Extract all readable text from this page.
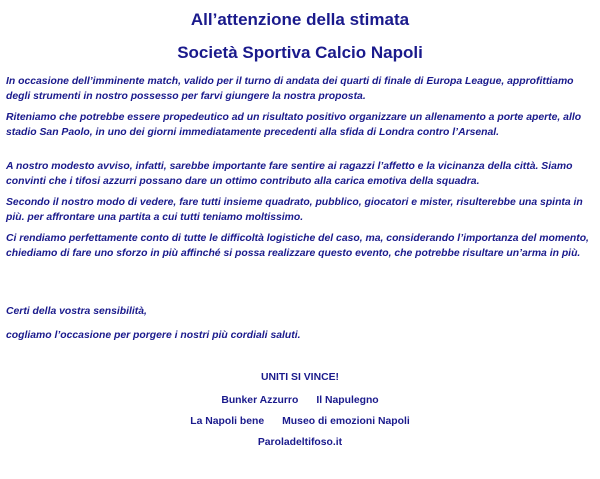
All’attenzione della stimata
Società Sportiva Calcio Napoli

In occasione dell’imminente match, valido per il turno di andata dei quarti di finale di Europa League, approfittiamo degli strumenti in nostro possesso per farvi giungere la nostra proposta.

Riteniamo che potrebbe essere propedeutico ad un risultato positivo organizzare un allenamento a porte aperte, allo stadio San Paolo, in uno dei giorni immediatamente precedenti alla sfida di Londra contro l’Arsenal.

A nostro modesto avviso, infatti, sarebbe importante fare sentire ai ragazzi l’affetto e la vicinanza della città. Siamo convinti che i tifosi azzurri possano dare un ottimo contributo alla carica emotiva della squadra.

Secondo il nostro modo di vedere, fare tutti insieme quadrato, pubblico, giocatori e mister, risulterebbe una spinta in più. per affrontare una partita a cui tutti teniamo moltissimo.

Ci rendiamo perfettamente conto di tutte le difficoltà logistiche del caso, ma, considerando l’importanza del momento, chiediamo di fare uno sforzo in più affinché si possa realizzare questo evento, che potrebbe risultare un’arma in più.

Certi della vostra sensibilità,

cogliamo l’occasione per porgere i nostri più cordiali saluti.

UNITI SI VINCE!

Bunker Azzurro Il Napulegno

La Napoli bene Museo di emozioni Napoli

Paroladeltifoso.it
